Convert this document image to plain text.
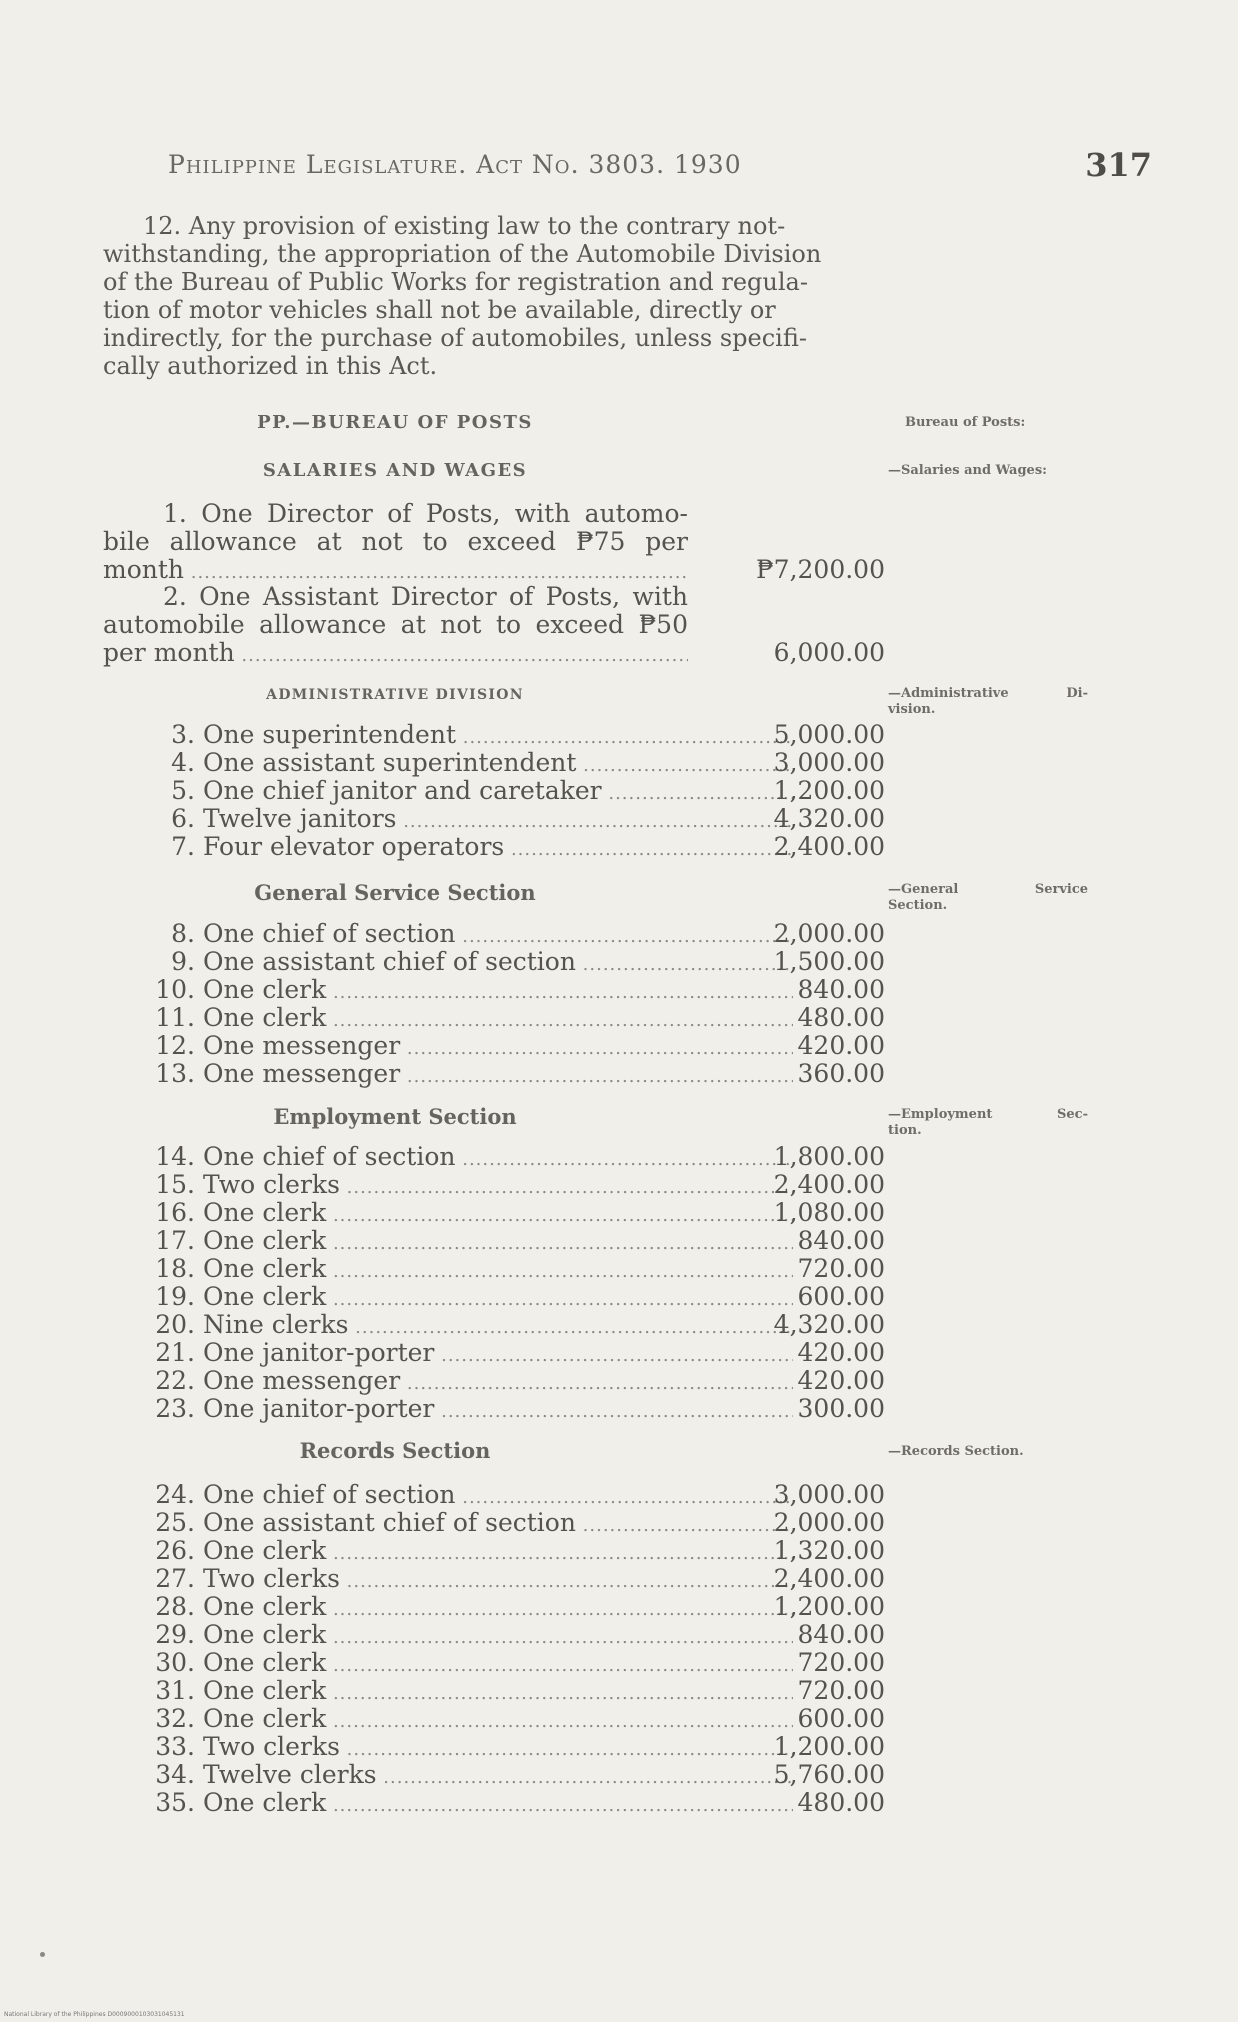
Philippine Legislature. Act No. 3803. 1930	317
12. Any provision of existing law to the contrary not-
withstanding, the appropriation of the Automobile Division
of the Bureau of Public Works for registration and regula-
tion of motor vehicles shall not be available, directly or
indirectly, for the purchase of automobiles, unless specifi-
cally authorized in this Act.
PP.—BUREAU OF POSTS	Bureau of Posts:
SALARIES AND WAGES	—Salaries and Wages:
1. One Director of Posts, with automo-
bile allowance at not to exceed ₱75 per
month .....	₱7,200.00
2. One Assistant Director of Posts, with
automobile allowance at not to exceed ₱50
per month .....	6,000.00
ADMINISTRATIVE DIVISION	—Administrative	Di-
vision.
3. One superintendent .....	5,000.00
4. One assistant superintendent .....	3,000.00
5. One chief janitor and caretaker .....	1,200.00
6. Twelve janitors .....	4,320.00
7. Four elevator operators .....	2,400.00
General Service Section	—General	Service
Section.
8. One chief of section .....	2,000.00
9. One assistant chief of section .....	1,500.00
10. One clerk .....	840.00
11. One clerk .....	480.00
12. One messenger .....	420.00
13. One messenger .....	360.00
Employment Section	—Employment	Sec-
tion.
14. One chief of section .....	1,800.00
15. Two clerks .....	2,400.00
16. One clerk .....	1,080.00
17. One clerk .....	840.00
18. One clerk .....	720.00
19. One clerk .....	600.00
20. Nine clerks .....	4,320.00
21. One janitor-porter .....	420.00
22. One messenger .....	420.00
23. One janitor-porter .....	300.00
Records Section	—Records Section.
24. One chief of section .....	3,000.00
25. One assistant chief of section .....	2,000.00
26. One clerk .....	1,320.00
27. Two clerks .....	2,400.00
28. One clerk .....	1,200.00
29. One clerk .....	840.00
30. One clerk .....	720.00
31. One clerk .....	720.00
32. One clerk .....	600.00
33. Two clerks .....	1,200.00
34. Twelve clerks .....	5,760.00
35. One clerk .....	480.00
National Library of the Philippines D0009000103031045131
